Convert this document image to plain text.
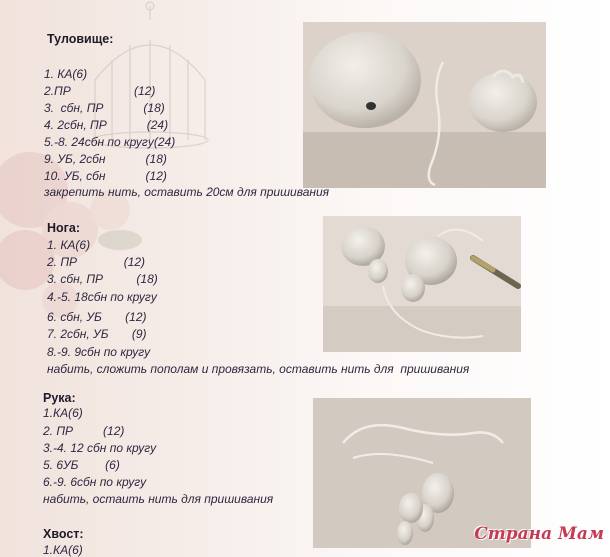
Туловище:
1. КА(6)
2.ПР                   (12)
3.  сбн, ПР            (18)
4. 2сбн, ПР            (24)
5.-8. 24сбн по кругу(24)
9. УБ, 2сбн            (18)
10. УБ, сбн            (12)
закрепить нить, оставить 20см для пришивания
Нога:
1. КА(6)
2. ПР              (12)
3. сбн, ПР          (18)
4.-5. 18сбн по кругу
6. сбн, УБ       (12)
7. 2сбн, УБ       (9)
8.-9. 9сбн по кругу
набить, сложить пополам и провязать, оставить нить для  пришивания
Рука:
1.КА(6)
2. ПР         (12)
3.-4. 12 сбн по кругу
5. 6УБ        (6)
6.-9. 6сбн по кругу
набить, остаить нить для пришивания
Хвост:
1.КА(6)
Страна Мам
